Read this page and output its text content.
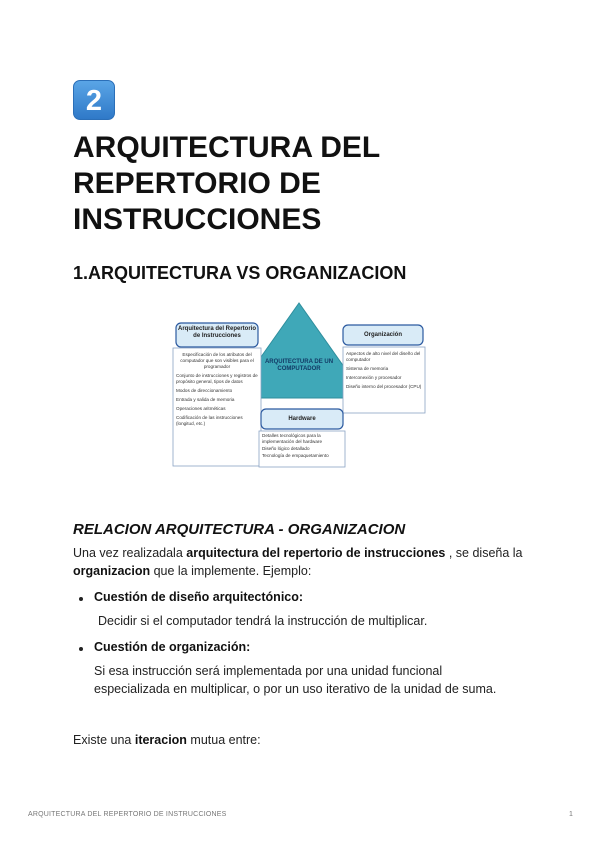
2
ARQUITECTURA DEL REPERTORIO DE INSTRUCCIONES
1.ARQUITECTURA VS ORGANIZACION
Arquitectura del Repertorio de Instrucciones	Organización
Hardware
ARQUITECTURA DE UN COMPUTADOR
Especificación de los atributos del computador que son visibles para el programador
Conjunto de instrucciones y registros de propósito general, tipos de datos
Modos de direccionamiento
Entrada y salida de memoria
Operaciones aritméticas
Codificación de las instrucciones (longitud, etc.)
Aspectos de alto nivel del diseño del computador
Sistema de memoria
Interconexión y procesador
Diseño interno del procesador (CPU)
Detalles tecnológicos para la implementación del hardware
Diseño lógico detallado
Tecnología de empaquetamiento
RELACION ARQUITECTURA - ORGANIZACION

Una vez realizadala arquitectura del repertorio de instrucciones , se diseña la
organizacion que la implemente. Ejemplo:

Cuestión de diseño arquitectónico:

Decidir si el computador tendrá la instrucción de multiplicar.

Cuestión de organización:

Si esa instrucción será implementada por una unidad funcional

especializada en multiplicar, o por un uso iterativo de la unidad de suma.

Existe una iteracion mutua entre:

ARQUITECTURA DEL REPERTORIO DE INSTRUCCIONES	1
